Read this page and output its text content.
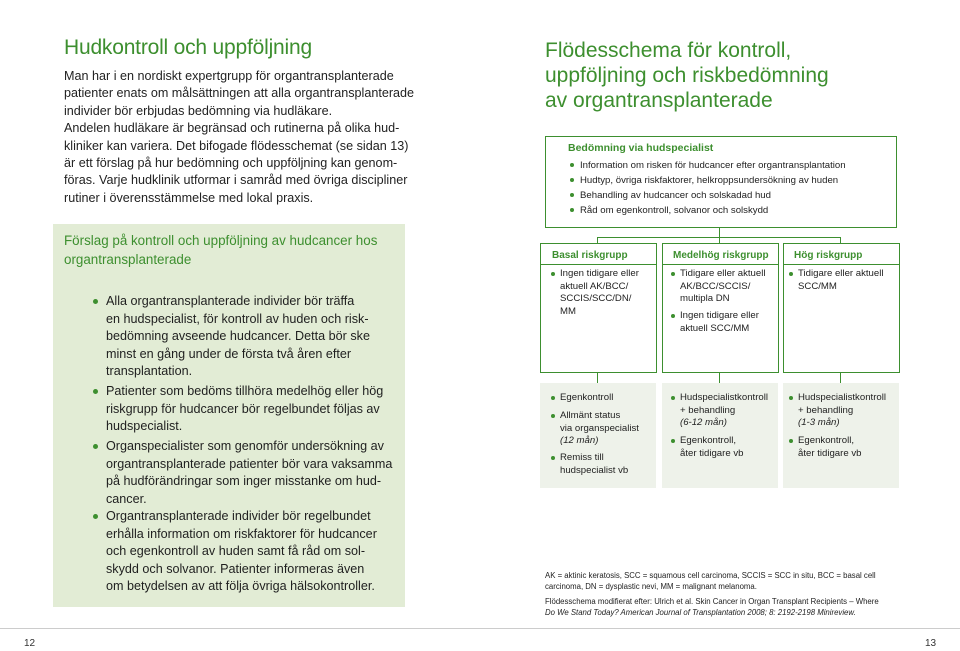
Hudkontroll och uppföljning

Man har i en nordiskt expertgrupp för organtransplanterade
patienter enats om målsättningen att alla organtransplanterade
individer bör erbjudas bedömning via hudläkare.
Andelen hudläkare är begränsad och rutinerna på olika hud-
kliniker kan variera. Det bifogade flödesschemat (se sidan 13)
är ett förslag på hur bedömning och uppföljning kan genom-
föras. Varje hudklinik utformar i samråd med övriga discipliner
rutiner i överensstämmelse med lokal praxis.

Förslag på kontroll och uppföljning av hudcancer hos organtransplanterade
Alla organtransplanterade individer bör träffa
en hudspecialist, för kontroll av huden och risk-
bedömning avseende hudcancer. Detta bör ske
minst en gång under de första två åren efter
transplantation.
Patienter som bedöms tillhöra medelhög eller hög
riskgrupp för hudcancer bör regelbundet följas av
hudspecialist.
Organspecialister som genomför undersökning av
organtransplanterade patienter bör vara vaksamma
på hudförändringar som inger misstanke om hud-
cancer.
Organtransplanterade individer bör regelbundet
erhålla information om riskfaktorer för hudcancer
och egenkontroll av huden samt få råd om sol-
skydd och solvanor. Patienter informeras även
om betydelsen av att följa övriga hälsokontroller.
12	13
Flödesschema för kontroll,
uppföljning och riskbedömning
av organtransplanterade
Bedömning via hudspecialist
Information om risken för hudcancer efter organtransplantation
Hudtyp, övriga riskfaktorer, helkroppsundersökning av huden
Behandling av hudcancer och solskadad hud
Råd om egenkontroll, solvanor och solskydd
Basal riskgrupp	Medelhög riskgrupp	Hög riskgrupp
Ingen tidigare eller
aktuell AK/BCC/
SCCIS/SCC/DN/
MM
Tidigare eller aktuell
AK/BCC/SCCIS/
multipla DN
Ingen tidigare eller
aktuell SCC/MM
Tidigare eller aktuell
SCC/MM
Egenkontroll
Allmänt status
via organspecialist
(12 mån)
Remiss till
hudspecialist vb
Hudspecialistkontroll
+ behandling
(6-12 mån)
Egenkontroll,
åter tidigare vb
Hudspecialistkontroll
+ behandling
(1-3 mån)
Egenkontroll,
åter tidigare vb

AK = aktinic keratosis, SCC = squamous cell carcinoma, SCCIS = SCC in situ, BCC = basal cell
carcinoma, DN = dysplastic nevi, MM = malignant melanoma.

Flödesschema modifierat efter: Ulrich et al. Skin Cancer in Organ Transplant Recipients – Where
Do We Stand Today? American Journal of Transplantation 2008; 8: 2192-2198 Minireview.
